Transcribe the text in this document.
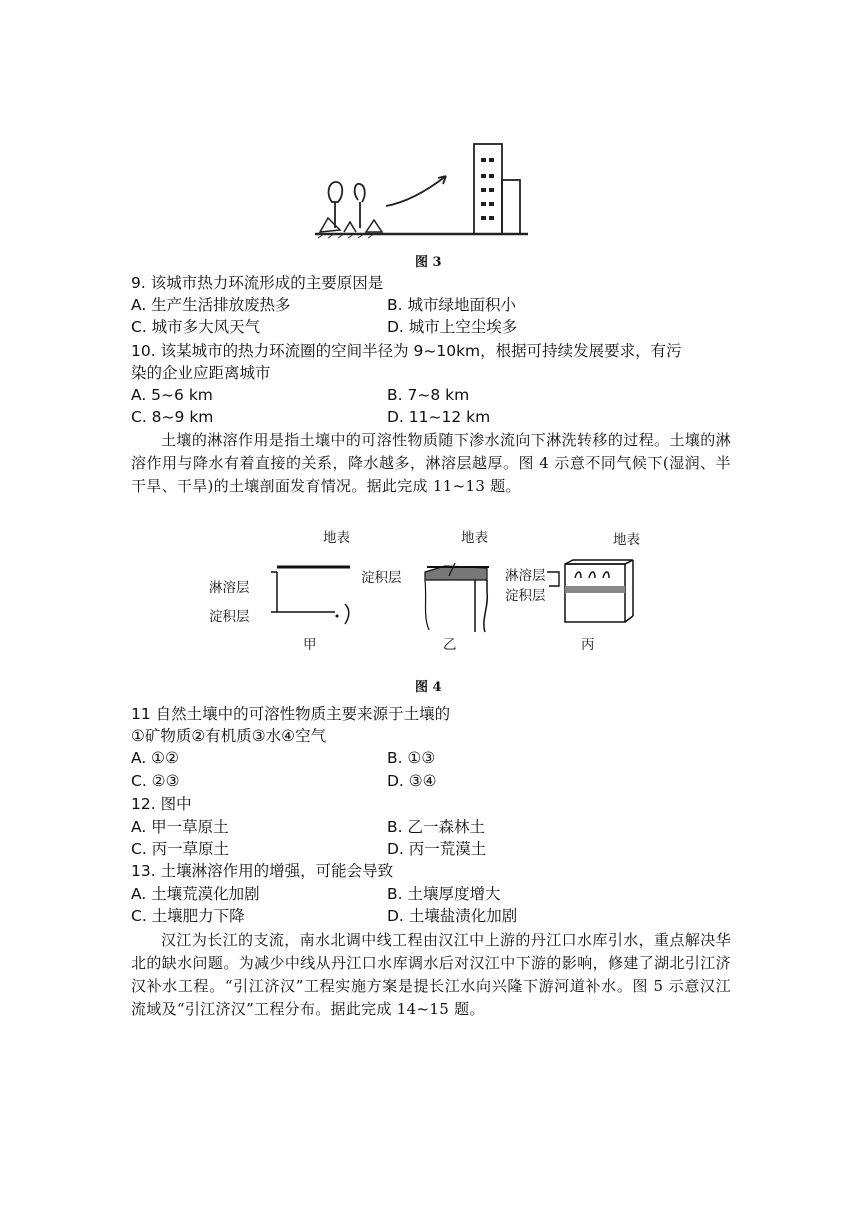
图 3
9. 该城市热力环流形成的主要原因是
A. 生产生活排放废热多	B. 城市绿地面积小
C. 城市多大风天气	D. 城市上空尘埃多
10. 该某城市的热力环流圈的空间半径为 9~10km，根据可持续发展要求，有污
染的企业应距离城市
A. 5~6 km	B. 7~8 km
C. 8~9 km	D. 11~12 km
土壤的淋溶作用是指土壤中的可溶性物质随下渗水流向下淋洗转移的过程。土壤的淋溶作用与降水有着直接的关系，降水越多，淋溶层越厚。图 4 示意不同气候下(湿润、半干旱、干旱)的土壤剖面发育情况。据此完成 11~13 题。
地表
淋溶层
淀积层
甲
地表
淀积层
乙
地表
淋溶层
淀积层
丙
图 4
11 自然土壤中的可溶性物质主要来源于土壤的
①矿物质②有机质③水④空气
A. ①②	B. ①③
C. ②③	D. ③④
12. 图中
A. 甲一草原土	B. 乙一森林土
C. 丙一草原土	D. 丙一荒漠土
13. 土壤淋溶作用的增强，可能会导致
A. 土壤荒漠化加剧	B. 土壤厚度增大
C. 土壤肥力下降	D. 土壤盐渍化加剧
汉江为长江的支流，南水北调中线工程由汉江中上游的丹江口水库引水，重点解决华北的缺水问题。为减少中线从丹江口水库调水后对汉江中下游的影响，修建了湖北引江济汉补水工程。“引江济汉”工程实施方案是提长江水向兴隆下游河道补水。图 5 示意汉江流域及“引江济汉”工程分布。据此完成 14~15 题。
